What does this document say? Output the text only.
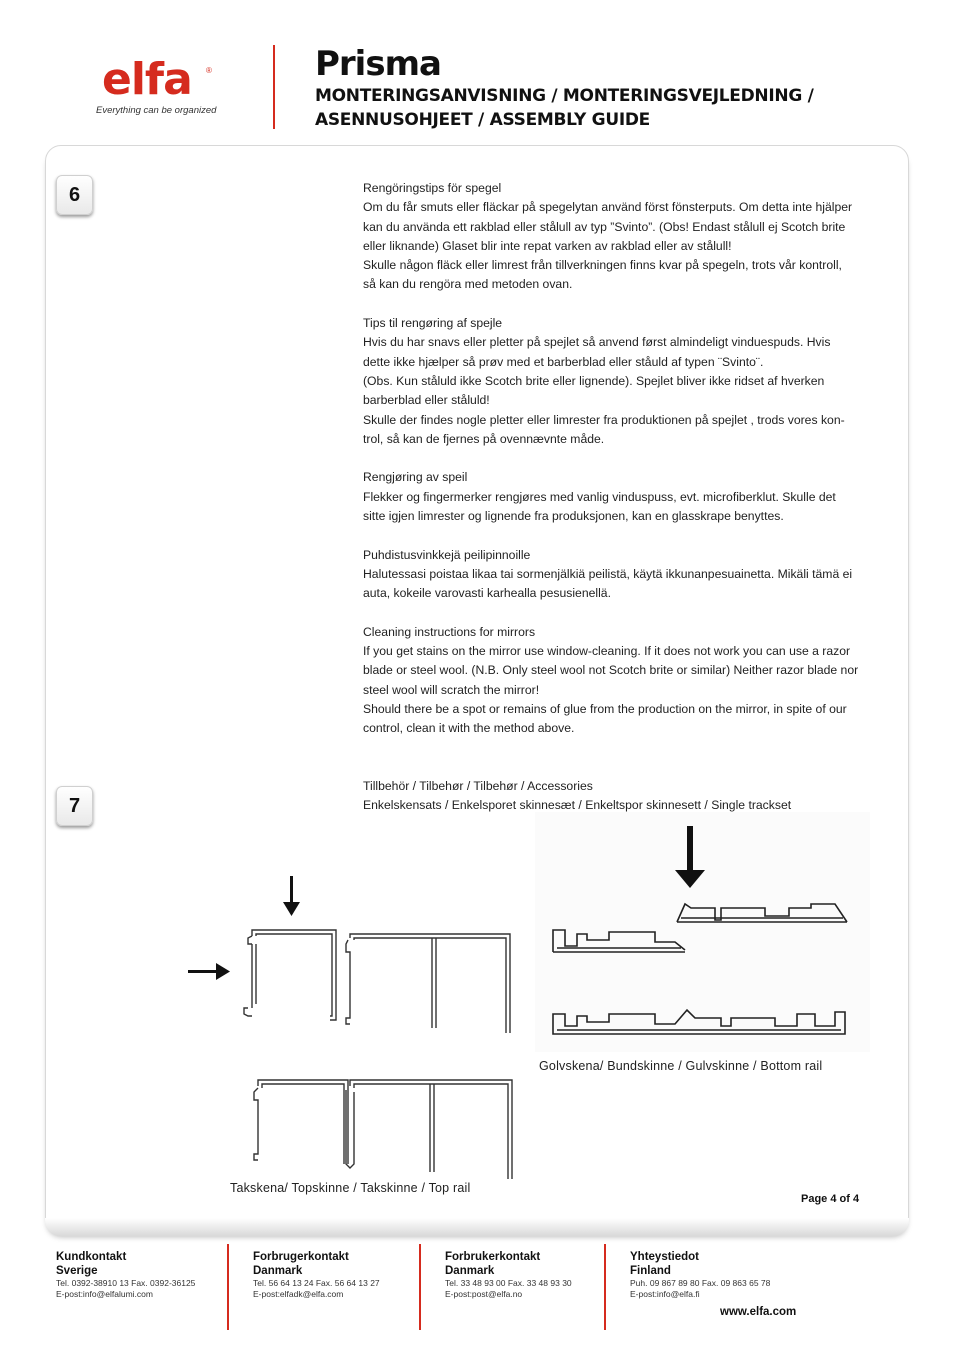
elfa ®
Everything can be organized
Prisma
MONTERINGSANVISNING / MONTERINGSVEJLEDNING /
ASENNUSOHJEET / ASSEMBLY GUIDE
6	Rengöringstips för spegel
Om du får smuts eller fläckar på spegelytan använd först fönsterputs. Om detta inte hjälper
kan du använda ett rakblad eller stålull av typ ”Svinto”. (Obs! Endast stålull ej Scotch brite
eller liknande) Glaset blir inte repat varken av rakblad eller av stålull!
Skulle någon fläck eller limrest från tillverkningen finns kvar på spegeln, trots vår kontroll,
så kan du rengöra med metoden ovan.
Tips til rengøring af spejle
Hvis du har snavs eller pletter på spejlet så anvend først almindeligt vinduespuds. Hvis
dette ikke hjælper så prøv med et barberblad eller ståuld af typen ¨Svinto¨.
(Obs. Kun ståluld ikke Scotch brite eller lignende). Spejlet bliver ikke ridset af hverken
barberblad eller ståluld!
Skulle der findes nogle pletter eller limrester fra produktionen på spejlet , trods vores kon-
trol, så kan de fjernes på ovennævnte måde.
Rengjøring av speil
Flekker og fingermerker rengjøres med vanlig vinduspuss, evt. microfiberklut. Skulle det
sitte igjen limrester og lignende fra produksjonen, kan en glasskrape benyttes.
Puhdistusvinkkejä peilipinnoille
Halutessasi poistaa likaa tai sormenjälkiä peilistä, käytä ikkunanpesuainetta. Mikäli tämä ei
auta, kokeile varovasti karhealla pesusienellä.
Cleaning instructions for mirrors
If you get stains on the mirror use window-cleaning. If it does not work you can use a razor
blade or steel wool. (N.B. Only steel wool not Scotch brite or similar) Neither razor blade nor
steel wool will scratch the mirror!
Should there be a spot or remains of glue from the production on the mirror, in spite of our
control, clean it with the method above.
7
Tillbehör / Tilbehør / Tilbehør / Accessories
Enkelskensats / Enkelsporet skinnesæt / Enkeltspor skinnesett / Single trackset
Golvskena/ Bundskinne / Gulvskinne / Bottom rail
Takskena/ Topskinne / Takskinne / Top rail
Page 4 of 4
Kundkontakt
Sverige
Tel. 0392-38910 13 Fax. 0392-36125
E-post:info@elfalumi.com
Forbrugerkontakt
Danmark
Tel. 56 64 13 24 Fax. 56 64 13 27
E-post:elfadk@elfa.com
Forbrukerkontakt
Danmark
Tel. 33 48 93 00 Fax. 33 48 93 30
E-post:post@elfa.no
Yhteystiedot
Finland
Puh. 09 867 89 80 Fax. 09 863 65 78
E-post:info@elfa.fi
www.elfa.com
